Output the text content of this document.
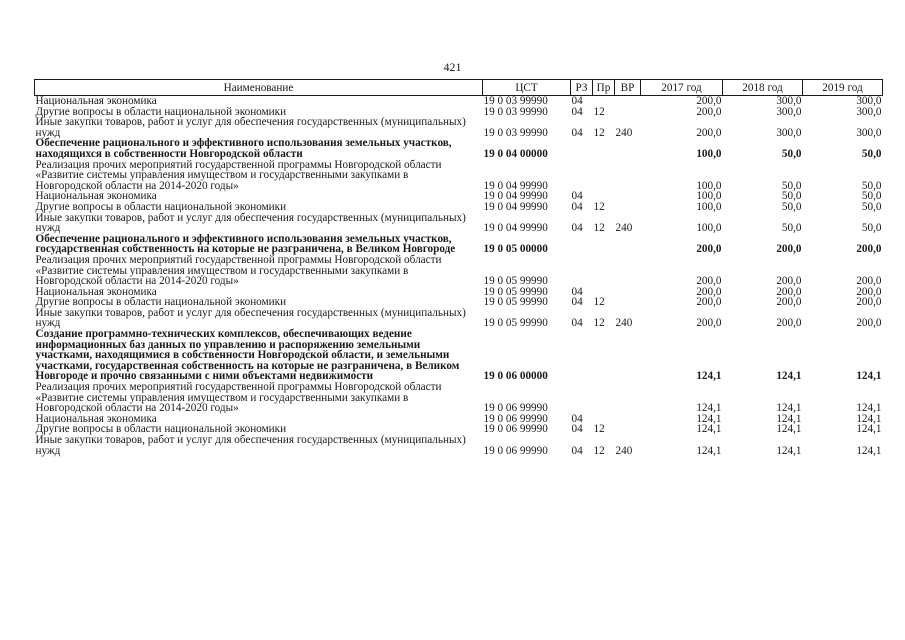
421
Наименование	ЦСТ	РЗ	Пр	ВР	2017 год	2018 год	2019 год
Национальная экономика	19 0 03 99990	04			200,0	300,0	300,0
Другие вопросы в области национальной экономики	19 0 03 99990	04	12		200,0	300,0	300,0
Иные закупки товаров, работ и услуг для обеспечения государственных (муниципальных) нужд	19 0 03 99990	04	12	240	200,0	300,0	300,0
Обеспечение рационального и эффективного использования земельных участков, находящихся в собственности Новгородской области	19 0 04 00000				100,0	50,0	50,0
Реализация прочих мероприятий государственной программы Новгородской области «Развитие системы управления имуществом и государственными закупками в Новгородской области на 2014-2020 годы»	19 0 04 99990				100,0	50,0	50,0
Национальная экономика	19 0 04 99990	04			100,0	50,0	50,0
Другие вопросы в области национальной экономики	19 0 04 99990	04	12		100,0	50,0	50,0
Иные закупки товаров, работ и услуг для обеспечения государственных (муниципальных) нужд	19 0 04 99990	04	12	240	100,0	50,0	50,0
Обеспечение рационального и эффективного использования земельных участков, государственная собственность на которые не разграничена, в Великом Новгороде	19 0 05 00000				200,0	200,0	200,0
Реализация прочих мероприятий государственной программы Новгородской области «Развитие системы управления имуществом и государственными закупками в Новгородской области на 2014-2020 годы»	19 0 05 99990				200,0	200,0	200,0
Национальная экономика	19 0 05 99990	04			200,0	200,0	200,0
Другие вопросы в области национальной экономики	19 0 05 99990	04	12		200,0	200,0	200,0
Иные закупки товаров, работ и услуг для обеспечения государственных (муниципальных) нужд	19 0 05 99990	04	12	240	200,0	200,0	200,0
Создание программно-технических комплексов, обеспечивающих ведение информационных баз данных по управлению и распоряжению земельными участками, находящимися в собственности Новгородской области, и земельными участками, государственная собственность на которые не разграничена, в Великом Новгороде и прочно связанными с ними объектами недвижимости	19 0 06 00000				124,1	124,1	124,1
Реализация прочих мероприятий государственной программы Новгородской области «Развитие системы управления имуществом и государственными закупками в Новгородской области на 2014-2020 годы»	19 0 06 99990				124,1	124,1	124,1
Национальная экономика	19 0 06 99990	04			124,1	124,1	124,1
Другие вопросы в области национальной экономики	19 0 06 99990	04	12		124,1	124,1	124,1
Иные закупки товаров, работ и услуг для обеспечения государственных (муниципальных) нужд	19 0 06 99990	04	12	240	124,1	124,1	124,1
